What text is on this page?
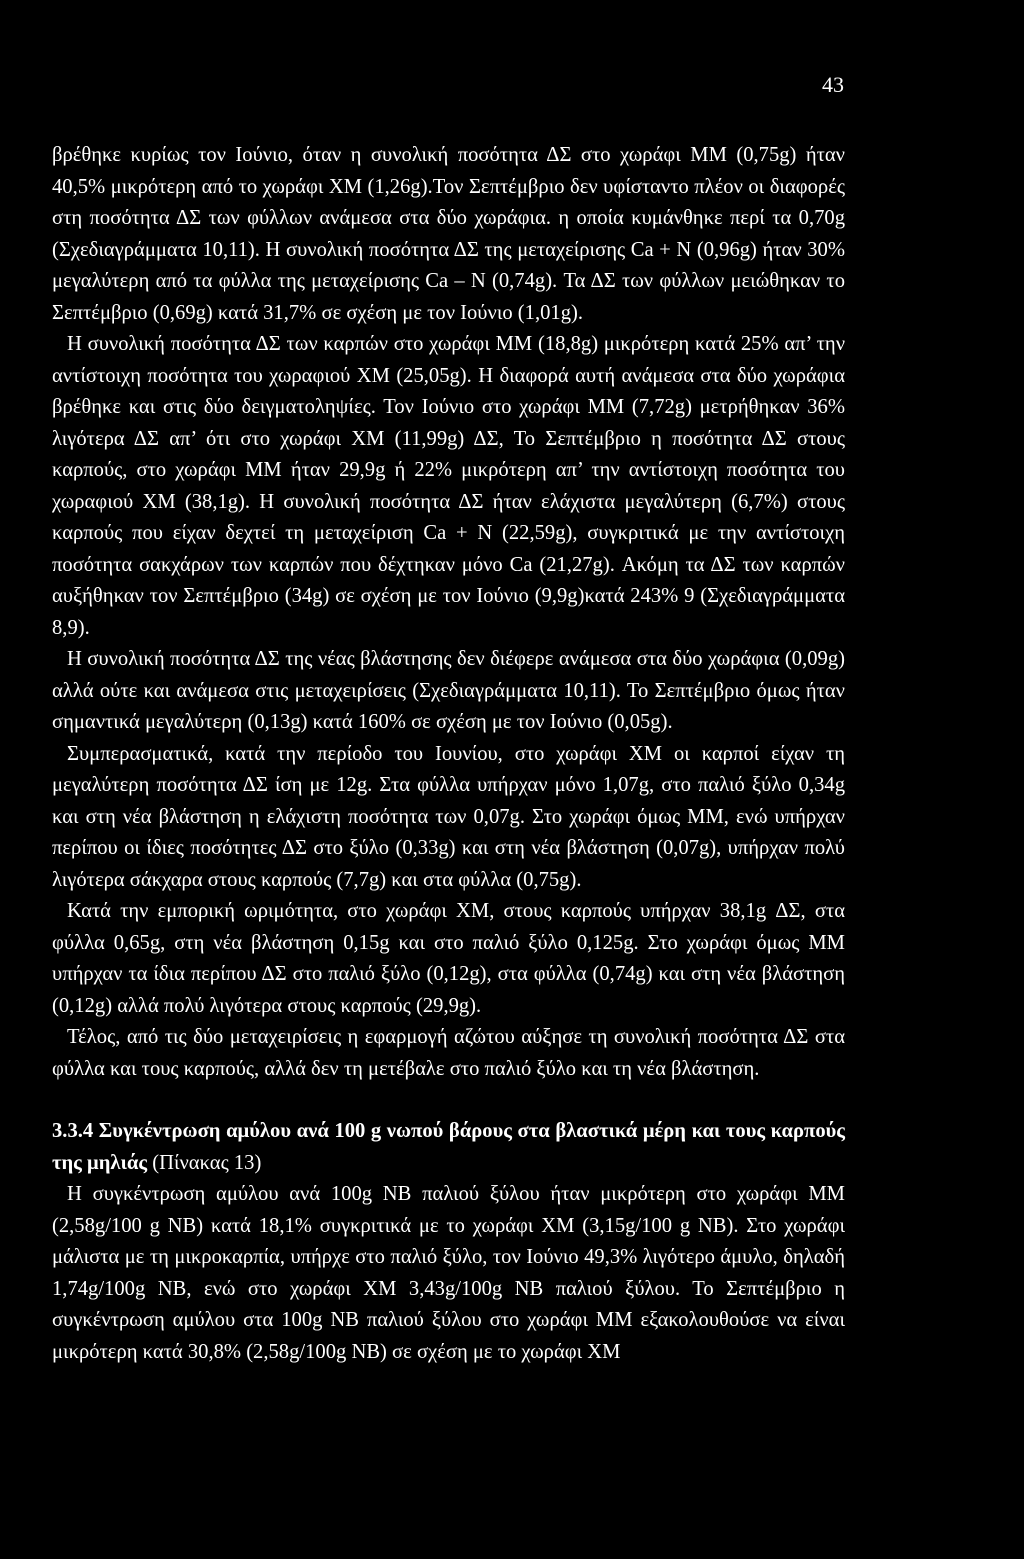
43

βρέθηκε κυρίως τον Ιούνιο, όταν η συνολική ποσότητα ΔΣ στο χωράφι ΜΜ (0,75g) ήταν 40,5% μικρότερη από το χωράφι ΧΜ (1,26g).Τον Σεπτέμβριο δεν υφίσταντο πλέον οι διαφορές στη ποσότητα ΔΣ των φύλλων ανάμεσα στα δύο χωράφια. η οποία κυμάνθηκε περί τα 0,70g (Σχεδιαγράμματα 10,11). Η συνολική ποσότητα ΔΣ της μεταχείρισης Ca + N (0,96g) ήταν 30% μεγαλύτερη από τα φύλλα της μεταχείρισης Ca – N (0,74g). Τα ΔΣ των φύλλων μειώθηκαν το Σεπτέμβριο (0,69g) κατά 31,7% σε σχέση με τον Ιούνιο (1,01g).

Η συνολική ποσότητα ΔΣ των καρπών στο χωράφι ΜΜ (18,8g) μικρότερη κατά 25% απ’ την αντίστοιχη ποσότητα του χωραφιού ΧΜ (25,05g). Η διαφορά αυτή ανάμεσα στα δύο χωράφια βρέθηκε και στις δύο δειγματοληψίες. Τον Ιούνιο στο χωράφι ΜΜ (7,72g) μετρήθηκαν 36% λιγότερα ΔΣ απ’ ότι στο χωράφι ΧΜ (11,99g) ΔΣ, Το Σεπτέμβριο η ποσότητα ΔΣ στους καρπούς, στο χωράφι ΜΜ ήταν 29,9g ή 22% μικρότερη απ’ την αντίστοιχη ποσότητα του χωραφιού ΧΜ (38,1g). Η συνολική ποσότητα ΔΣ ήταν ελάχιστα μεγαλύτερη (6,7%) στους καρπούς που είχαν δεχτεί τη μεταχείριση Ca + N (22,59g), συγκριτικά με την αντίστοιχη ποσότητα σακχάρων των καρπών που δέχτηκαν μόνο Ca (21,27g). Ακόμη τα ΔΣ των καρπών αυξήθηκαν τον Σεπτέμβριο (34g) σε σχέση με τον Ιούνιο (9,9g)κατά 243% 9 (Σχεδιαγράμματα 8,9).

Η συνολική ποσότητα ΔΣ της νέας βλάστησης δεν διέφερε ανάμεσα στα δύο χωράφια (0,09g) αλλά ούτε και ανάμεσα στις μεταχειρίσεις (Σχεδιαγράμματα 10,11). Το Σεπτέμβριο όμως ήταν σημαντικά μεγαλύτερη (0,13g) κατά 160% σε σχέση με τον Ιούνιο (0,05g).

Συμπερασματικά, κατά την περίοδο του Ιουνίου, στο χωράφι ΧΜ οι καρποί είχαν τη μεγαλύτερη ποσότητα ΔΣ ίση με 12g. Στα φύλλα υπήρχαν μόνο 1,07g, στο παλιό ξύλο 0,34g και στη νέα βλάστηση η ελάχιστη ποσότητα των 0,07g. Στο χωράφι όμως ΜΜ, ενώ υπήρχαν περίπου οι ίδιες ποσότητες ΔΣ στο ξύλο (0,33g) και στη νέα βλάστηση (0,07g), υπήρχαν πολύ λιγότερα σάκχαρα στους καρπούς (7,7g) και στα φύλλα (0,75g).

Κατά την εμπορική ωριμότητα, στο χωράφι ΧΜ, στους καρπούς υπήρχαν 38,1g ΔΣ, στα φύλλα 0,65g, στη νέα βλάστηση 0,15g και στο παλιό ξύλο 0,125g. Στο χωράφι όμως ΜΜ υπήρχαν τα ίδια περίπου ΔΣ στο παλιό ξύλο (0,12g), στα φύλλα (0,74g) και στη νέα βλάστηση (0,12g) αλλά πολύ λιγότερα στους καρπούς (29,9g).

Τέλος, από τις δύο μεταχειρίσεις η εφαρμογή αζώτου αύξησε τη συνολική ποσότητα ΔΣ στα φύλλα και τους καρπούς, αλλά δεν τη μετέβαλε στο παλιό ξύλο και τη νέα βλάστηση.

3.3.4 Συγκέντρωση αμύλου ανά 100 g νωπού βάρους στα βλαστικά μέρη και τους καρπούς της μηλιάς (Πίνακας 13)

Η συγκέντρωση αμύλου ανά 100g ΝΒ παλιού ξύλου ήταν μικρότερη στο χωράφι ΜΜ (2,58g/100 g ΝΒ) κατά 18,1% συγκριτικά με το χωράφι ΧΜ (3,15g/100 g ΝΒ). Στο χωράφι μάλιστα με τη μικροκαρπία, υπήρχε στο παλιό ξύλο, τον Ιούνιο 49,3% λιγότερο άμυλο, δηλαδή 1,74g/100g ΝΒ, ενώ στο χωράφι ΧΜ 3,43g/100g ΝΒ παλιού ξύλου. Το Σεπτέμβριο η συγκέντρωση αμύλου στα 100g ΝΒ παλιού ξύλου στο χωράφι ΜΜ εξακολουθούσε να είναι μικρότερη κατά 30,8% (2,58g/100g ΝΒ) σε σχέση με το χωράφι ΧΜ
